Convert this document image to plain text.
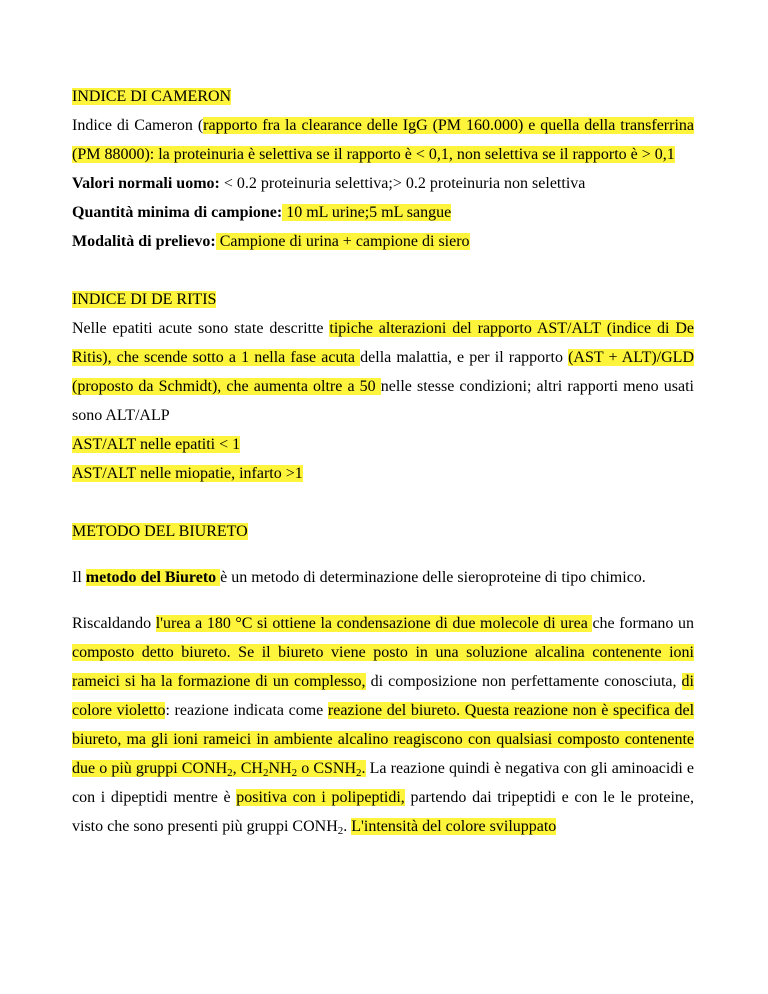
INDICE DI CAMERON
Indice di Cameron (rapporto fra la clearance delle IgG (PM 160.000) e quella della transferrina (PM 88000): la proteinuria è selettiva se il rapporto è < 0,1, non selettiva se il rapporto è > 0,1
Valori normali uomo: < 0.2 proteinuria selettiva;> 0.2 proteinuria non selettiva
Quantità minima di campione: 10 mL urine;5 mL sangue
Modalità di prelievo: Campione di urina + campione di siero
INDICE DI DE RITIS
Nelle epatiti acute sono state descritte tipiche alterazioni del rapporto AST/ALT (indice di De Ritis), che scende sotto a 1 nella fase acuta della malattia, e per il rapporto (AST + ALT)/GLD (proposto da Schmidt), che aumenta oltre a 50 nelle stesse condizioni; altri rapporti meno usati sono ALT/ALP
AST/ALT nelle epatiti < 1
AST/ALT nelle miopatie, infarto >1
METODO DEL BIURETO
Il metodo del Biureto è un metodo di determinazione delle sieroproteine di tipo chimico.
Riscaldando l'urea a 180 °C si ottiene la condensazione di due molecole di urea che formano un composto detto biureto. Se il biureto viene posto in una soluzione alcalina contenente ioni rameici si ha la formazione di un complesso, di composizione non perfettamente conosciuta, di colore violetto: reazione indicata come reazione del biureto. Questa reazione non è specifica del biureto, ma gli ioni rameici in ambiente alcalino reagiscono con qualsiasi composto contenente due o più gruppi $CONH_2$, $CH_2NH_2$ o $CSNH_2$. La reazione quindi è negativa con gli aminoacidi e con i dipeptidi mentre è positiva con i polipeptidi, partendo dai tripeptidi e con le le proteine, visto che sono presenti più gruppi $CONH_2$. L'intensità del colore sviluppato
